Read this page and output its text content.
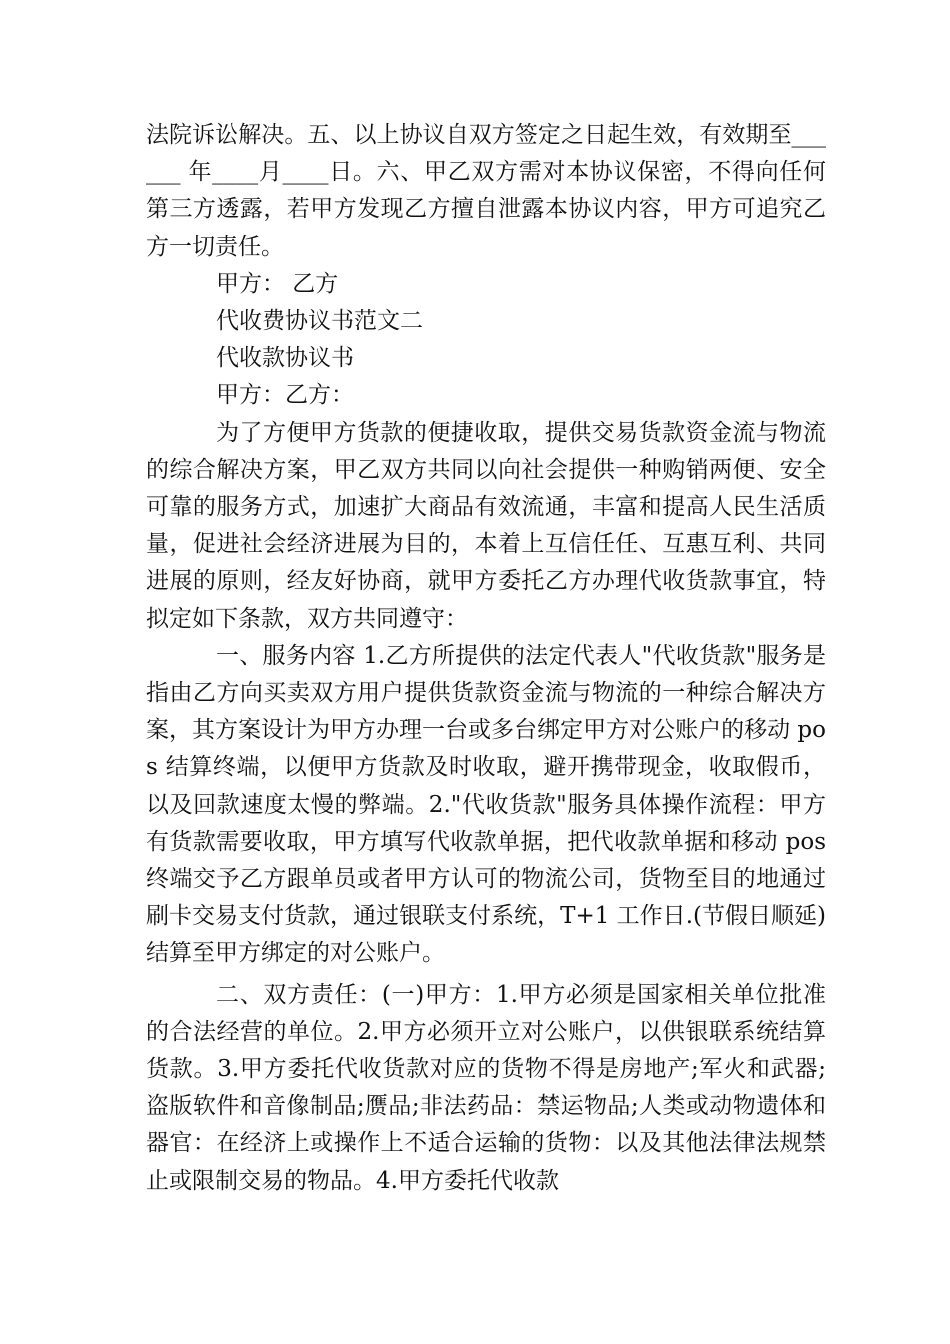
法院诉讼解决。五、以上协议自双方签定之日起生效，有效期至______ 年____月____日。六、甲乙双方需对本协议保密，不得向任何第三方透露，若甲方发现乙方擅自泄露本协议内容，甲方可追究乙方一切责任。

甲方： 乙方

代收费协议书范文二

代收款协议书

甲方：乙方：

为了方便甲方货款的便捷收取，提供交易货款资金流与物流的综合解决方案，甲乙双方共同以向社会提供一种购销两便、安全可靠的服务方式，加速扩大商品有效流通，丰富和提高人民生活质量，促进社会经济进展为目的，本着上互信任任、互惠互利、共同进展的原则，经友好协商，就甲方委托乙方办理代收货款事宜，特拟定如下条款，双方共同遵守：

一、服务内容 1.乙方所提供的法定代表人"代收货款"服务是指由乙方向买卖双方用户提供货款资金流与物流的一种综合解决方案，其方案设计为甲方办理一台或多台绑定甲方对公账户的移动 pos 结算终端，以便甲方货款及时收取，避开携带现金，收取假币，以及回款速度太慢的弊端。2."代收货款"服务具体操作流程：甲方有货款需要收取，甲方填写代收款单据，把代收款单据和移动 pos 终端交予乙方跟单员或者甲方认可的物流公司，货物至目的地通过刷卡交易支付货款，通过银联支付系统，T+1 工作日.(节假日顺延)结算至甲方绑定的对公账户。

二、双方责任：(一)甲方：1.甲方必须是国家相关单位批准的合法经营的单位。2.甲方必须开立对公账户，以供银联系统结算货款。3.甲方委托代收货款对应的货物不得是房地产;军火和武器;盗版软件和音像制品;赝品;非法药品：禁运物品;人类或动物遗体和器官：在经济上或操作上不适合运输的货物：以及其他法律法规禁止或限制交易的物品。4.甲方委托代收款
